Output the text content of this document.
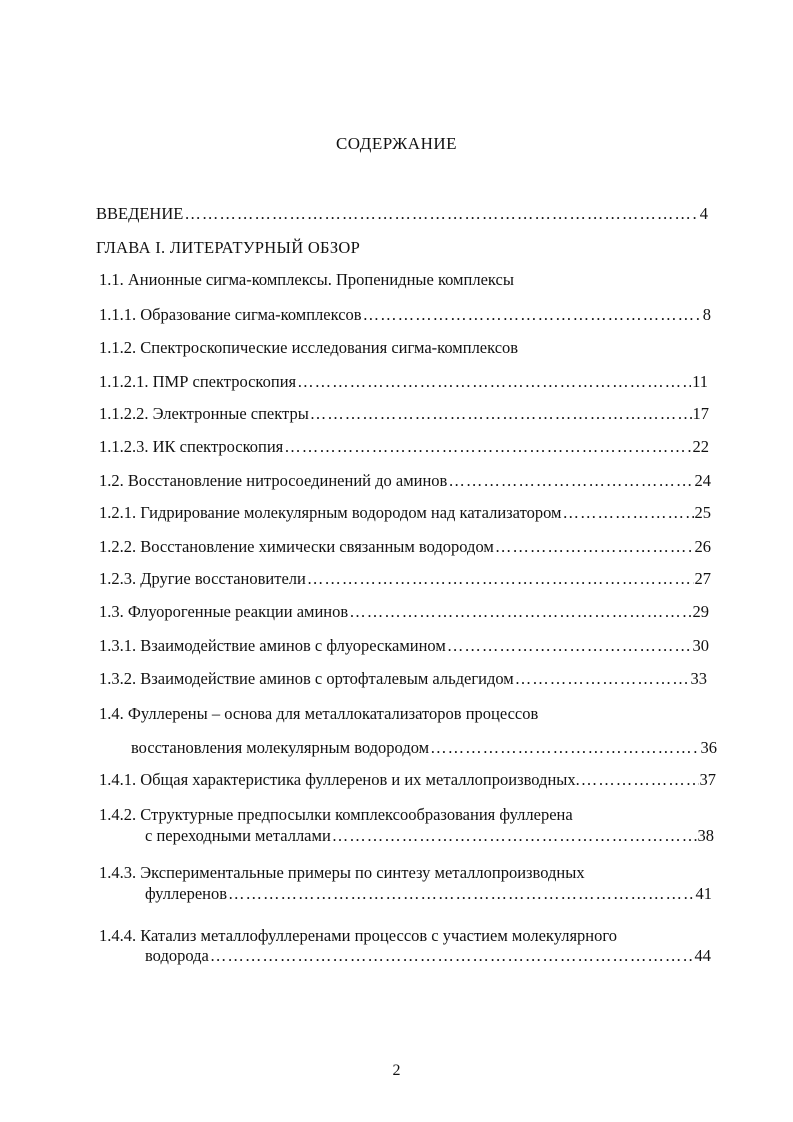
СОДЕРЖАНИЕ
ВВЕДЕНИЕ ……………………………………………………………………………………………………………………………………………………………………………………………	4
ГЛАВА I. ЛИТЕРАТУРНЫЙ ОБЗОР
1.1. Анионные сигма-комплексы. Пропенидные комплексы
1.1.1. Образование сигма-комплексов ……………………………………………………………………………………………………………………………………………………………………………………………	8
1.1.2. Спектроскопические исследования сигма-комплексов
1.1.2.1. ПМР спектроскопия ……………………………………………………………………………………………………………………………………………………………………………………………	11
1.1.2.2. Электронные спектры ……………………………………………………………………………………………………………………………………………………………………………………………	17
1.1.2.3. ИК спектроскопия ……………………………………………………………………………………………………………………………………………………………………………………………	22
1.2. Восстановление нитросоединений до аминов ……………………………………………………………………………………………………………………………………………………………………………………………	24
1.2.1. Гидрирование молекулярным водородом над катализатором ……………………………………………………………………………………………………………………………………………………………………………………………	25
1.2.2. Восстановление химически связанным водородом ……………………………………………………………………………………………………………………………………………………………………………………………	26
1.2.3. Другие восстановители ……………………………………………………………………………………………………………………………………………………………………………………………	27
1.3. Флуорогенные реакции аминов ……………………………………………………………………………………………………………………………………………………………………………………………	29
1.3.1. Взаимодействие аминов с флуорескамином ……………………………………………………………………………………………………………………………………………………………………………………………	30
1.3.2. Взаимодействие аминов с ортофталевым альдегидом ……………………………………………………………………………………………………………………………………………………………………………………………	33
1.4. Фуллерены – основа для металлокатализаторов процессов
восстановления молекулярным водородом ……………………………………………………………………………………………………………………………………………………………………………………………	36
1.4.1. Общая характеристика фуллеренов и их металлопроизводных. ……………………………………………………………………………………………………………………………………………………………………………………………	37
1.4.2. Структурные предпосылки комплексообразования фуллерена
с переходными металлами ……………………………………………………………………………………………………………………………………………………………………………………………	38
1.4.3. Экспериментальные примеры по синтезу металлопроизводных
фуллеренов ……………………………………………………………………………………………………………………………………………………………………………………………	41
1.4.4. Катализ металлофуллеренами процессов с участием молекулярного
водорода ……………………………………………………………………………………………………………………………………………………………………………………………	44
2
